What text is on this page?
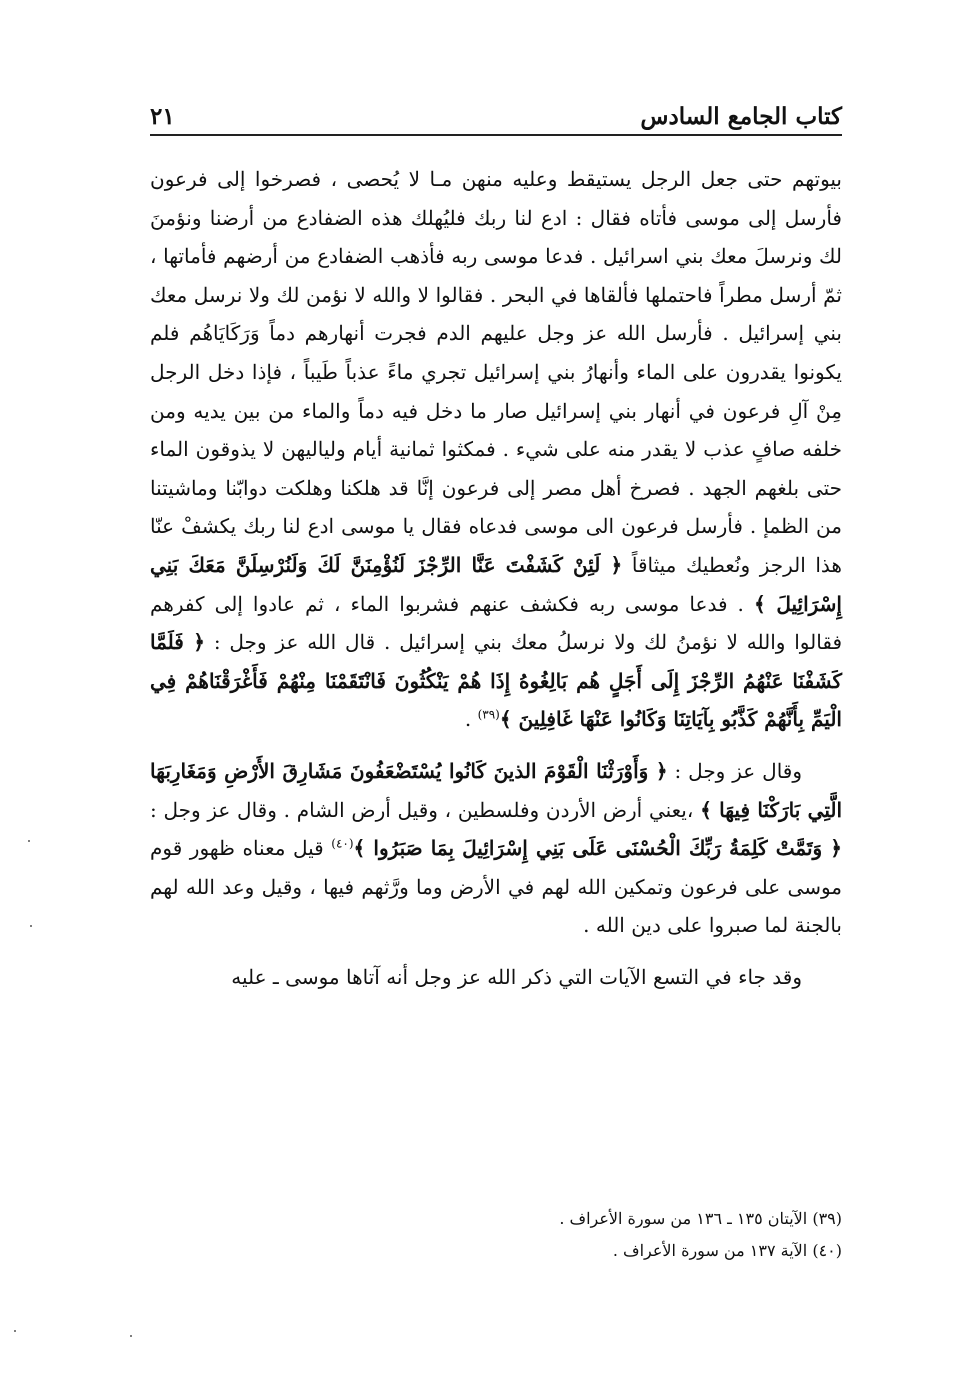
كتاب الجامع السادس
٢١

بيوتهم حتى جعل الرجل يستيقط وعليه منهن مـا لا يُحصى ، فصرخوا إلى فرعون فأرسل إلى موسى فأتاه فقال : ادع لنا ربك فليُهلك هذه الضفادع من أرضنا ونؤمنَ لك ونرسلَ معك بني اسرائيل . فدعا موسى ربه فأذهب الضفادع من أرضهم فأماتها ، ثمّ أرسل مطراً فاحتملها فألقاها في البحر . فقالوا لا والله لا نؤمن لك ولا نرسل معك بني إسرائيل . فأرسل الله عز وجل عليهم الدم فجرت أنهارهم دماً وَرَكَايَاهُم فلم يكونوا يقدرون على الماء وأنهارُ بني إسرائيل تجري ماءً عذباً طَيباً ، فإذا دخل الرجل مِنْ آلِ فرعون في أنهار بني إسرائيل صار ما دخل فيه دماً والماء من بين يديه ومن خلفه صافٍ عذب لا يقدر منه على شيء . فمكثوا ثمانية أيام ولياليهن لا يذوقون الماء حتى بلغهم الجهد . فصرخ أهل مصر إلى فرعون إنَّا قد هلكنا وهلكت دوابّنا وماشيتنا من الظمإ . فأرسل فرعون الى موسى فدعاه فقال يا موسى ادع لنا ربك يكشفْ عنّا هذا الرجز ونُعطيك ميثاقاً ﴿ لَئِنْ كَشَفْتَ عَنَّا الرِّجْزَ لَنُؤْمِنَنَّ لَكَ وَلَنُرْسِلَنَّ مَعَكَ بَنِي إِسْرَائِيلَ ﴾ . فدعا موسى ربه فكشف عنهم فشربوا الماء ، ثم عادوا إلى كفرهم فقالوا والله لا نؤمنُ لك ولا نرسلُ معك بني إسرائيل . قال الله عز وجل : ﴿ فَلَمَّا كَشَفْنَا عَنْهُمُ الرِّجْزَ إِلَى أَجَلٍ هُم بَالِغُوهُ إِذَا هُمْ يَنْكُثُونَ فَانْتَقَمْنَا مِنْهُمْ فَأَغْرَقْنَاهُمْ فِي الْيَمِّ بِأَنَّهُمْ كَذَّبُو بِآيَاتِنَا وَكَانُوا عَنْهَا غَافِلِينَ ﴾$^{(٣٩)}$ .

وقال عز وجل : ﴿ وَأَوْرَثْنَا الْقَوْمَ الذينَ كَانُوا يُسْتَضْعَفُونَ مَشَارِقَ الأَرْضِ وَمَغَارِبَهَا الَّتِي بَارَكْنَا فِيهَا ﴾ ،يعني أرض الأردن وفلسطين ، وقيل أرض الشام . وقال عز وجل : ﴿ وَتَمَّتْ كَلِمَةُ رَبِّكَ الْحُسْنَى عَلَى بَنِي إِسْرَائِيلَ بِمَا صَبَرُوا ﴾$^{(٤٠)}$ قيل معناه ظهور قوم موسى على فرعون وتمكين الله لهم في الأرض وما ورَّثهم فيها ، وقيل وعد الله لهم بالجنة لما صبروا على دين الله .

وقد جاء في التسع الآيات التي ذكر الله عز وجل أنه آتاها موسى ـ عليه

(٣٩) الآيتان ١٣٥ ـ ١٣٦ من سورة الأعراف .

(٤٠) الآية ١٣٧ من سورة الأعراف .
